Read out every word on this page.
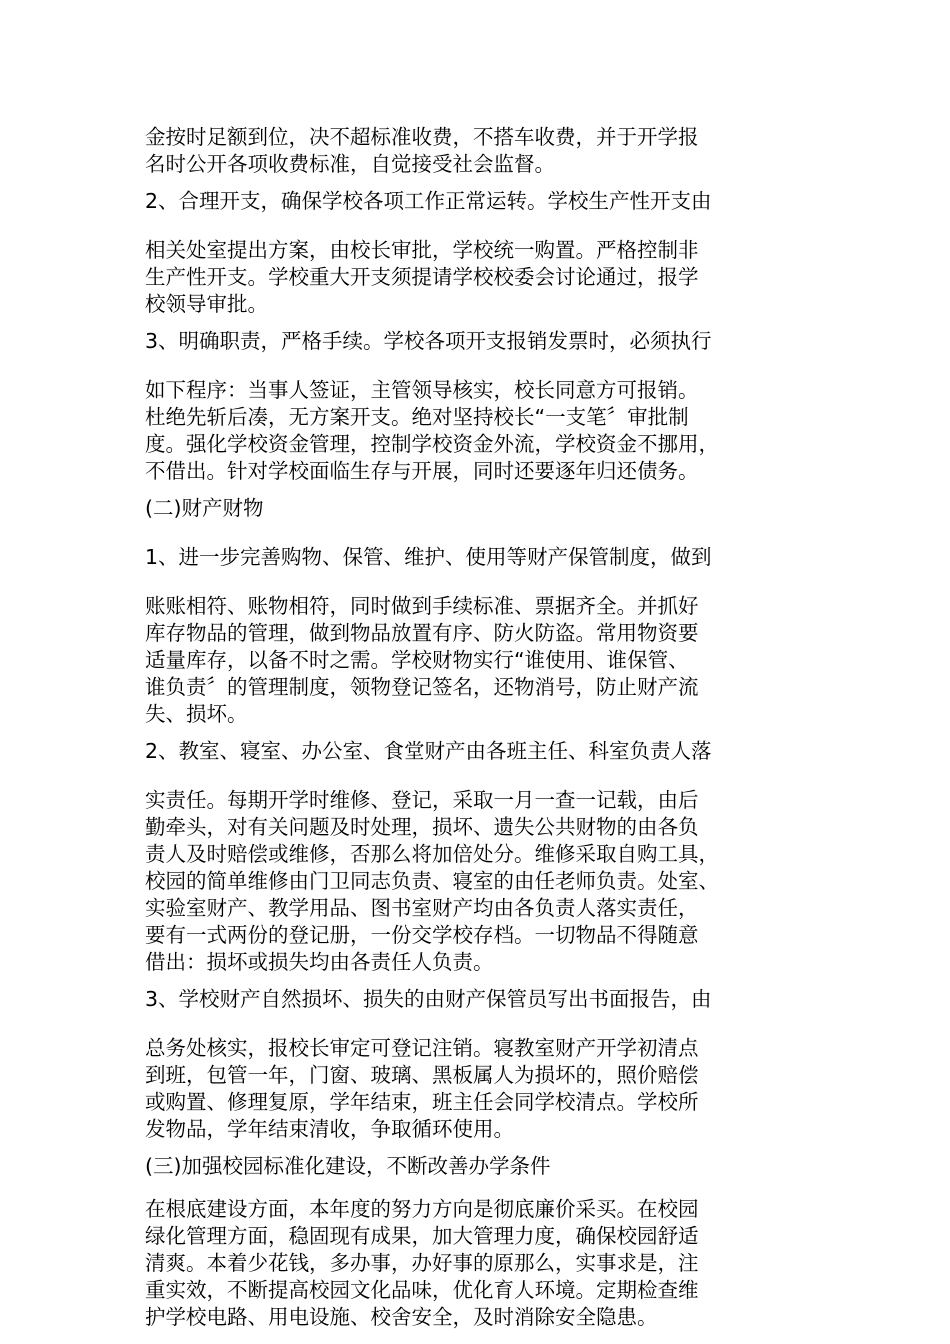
金按时足额到位，决不超标准收费，不搭车收费，并于开学报
名时公开各项收费标准，自觉接受社会监督。

2、合理开支，确保学校各项工作正常运转。学校生产性开支由

相关处室提出方案，由校长审批，学校统一购置。严格控制非
生产性开支。学校重大开支须提请学校校委会讨论通过，报学
校领导审批。

3、明确职责，严格手续。学校各项开支报销发票时，必须执行

如下程序：当事人签证，主管领导核实，校长同意方可报销。
杜绝先斩后凑，无方案开支。绝对坚持校长“一支笔〞审批制
度。强化学校资金管理，控制学校资金外流，学校资金不挪用，
不借出。针对学校面临生存与开展，同时还要逐年归还债务。

(二)财产财物

1、进一步完善购物、保管、维护、使用等财产保管制度，做到

账账相符、账物相符，同时做到手续标准、票据齐全。并抓好
库存物品的管理，做到物品放置有序、防火防盗。常用物资要
适量库存，以备不时之需。学校财物实行“谁使用、谁保管、
谁负责〞的管理制度，领物登记签名，还物消号，防止财产流
失、损坏。

2、教室、寝室、办公室、食堂财产由各班主任、科室负责人落

实责任。每期开学时维修、登记，采取一月一查一记载，由后
勤牵头，对有关问题及时处理，损坏、遗失公共财物的由各负
责人及时赔偿或维修，否那么将加倍处分。维修采取自购工具，
校园的简单维修由门卫同志负责、寝室的由任老师负责。处室、
实验室财产、教学用品、图书室财产均由各负责人落实责任，
要有一式两份的登记册，一份交学校存档。一切物品不得随意
借出：损坏或损失均由各责任人负责。

3、学校财产自然损坏、损失的由财产保管员写出书面报告，由

总务处核实，报校长审定可登记注销。寝教室财产开学初清点
到班，包管一年，门窗、玻璃、黑板属人为损坏的，照价赔偿
或购置、修理复原，学年结束，班主任会同学校清点。学校所
发物品，学年结束清收，争取循环使用。

(三)加强校园标准化建设，不断改善办学条件

在根底建设方面，本年度的努力方向是彻底廉价采买。在校园
绿化管理方面，稳固现有成果，加大管理力度，确保校园舒适
清爽。本着少花钱，多办事，办好事的原那么，实事求是，注
重实效，不断提高校园文化品味，优化育人环境。定期检查维
护学校电路、用电设施、校舍安全，及时消除安全隐患。
